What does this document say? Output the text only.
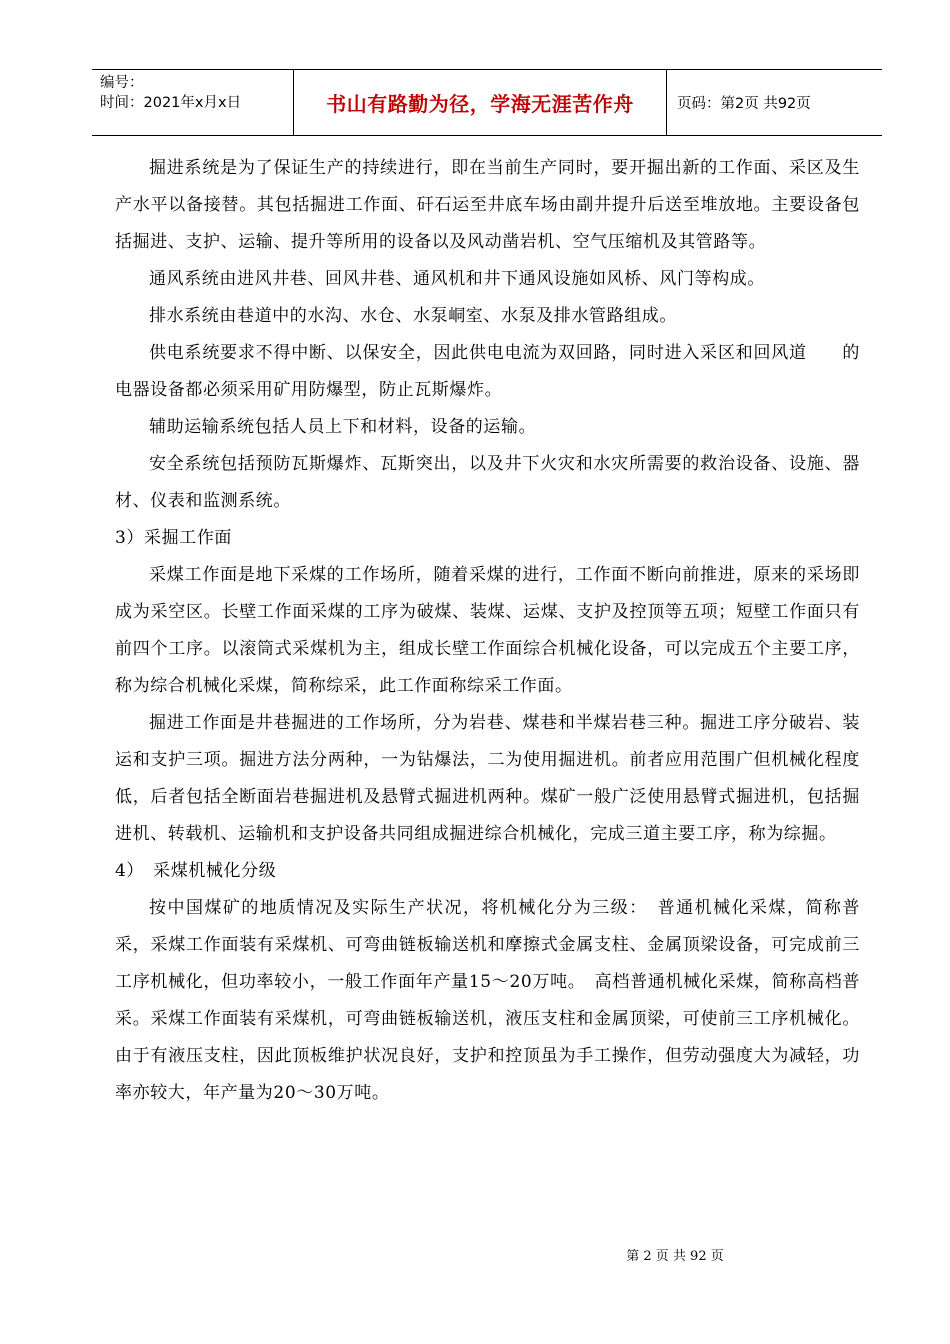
编号：
时间：2021年x月x日	书山有路勤为径，学海无涯苦作舟	页码：第2页 共92页

掘进系统是为了保证生产的持续进行，即在当前生产同时，要开掘出新的工作面、采区及生产水平以备接替。其包括掘进工作面、矸石运至井底车场由副井提升后送至堆放地。主要设备包括掘进、支护、运输、提升等所用的设备以及风动凿岩机、空气压缩机及其管路等。

通风系统由进风井巷、回风井巷、通风机和井下通风设施如风桥、风门等构成。

排水系统由巷道中的水沟、水仓、水泵峒室、水泵及排水管路组成。

供电系统要求不得中断、以保安全，因此供电电流为双回路，同时进入采区和回风道　　的电器设备都必须采用矿用防爆型，防止瓦斯爆炸。

辅助运输系统包括人员上下和材料，设备的运输。

安全系统包括预防瓦斯爆炸、瓦斯突出，以及井下火灾和水灾所需要的救治设备、设施、器材、仪表和监测系统。

3）采掘工作面

采煤工作面是地下采煤的工作场所，随着采煤的进行，工作面不断向前推进，原来的采场即成为采空区。长壁工作面采煤的工序为破煤、装煤、运煤、支护及控顶等五项；短壁工作面只有前四个工序。以滚筒式采煤机为主，组成长壁工作面综合机械化设备，可以完成五个主要工序，称为综合机械化采煤，简称综采，此工作面称综采工作面。

掘进工作面是井巷掘进的工作场所，分为岩巷、煤巷和半煤岩巷三种。掘进工序分破岩、装运和支护三项。掘进方法分两种，一为钻爆法，二为使用掘进机。前者应用范围广但机械化程度低，后者包括全断面岩巷掘进机及悬臂式掘进机两种。煤矿一般广泛使用悬臂式掘进机，包括掘进机、转载机、运输机和支护设备共同组成掘进综合机械化，完成三道主要工序，称为综掘。

4）　采煤机械化分级

按中国煤矿的地质情况及实际生产状况，将机械化分为三级：　普通机械化采煤，简称普采，采煤工作面装有采煤机、可弯曲链板输送机和摩擦式金属支柱、金属顶梁设备，可完成前三工序机械化，但功率较小，一般工作面年产量15～20万吨。　高档普通机械化采煤，简称高档普采。采煤工作面装有采煤机，可弯曲链板输送机，液压支柱和金属顶梁，可使前三工序机械化。由于有液压支柱，因此顶板维护状况良好，支护和控顶虽为手工操作，但劳动强度大为减轻，功率亦较大，年产量为20～30万吨。

第 2 页 共 92 页
